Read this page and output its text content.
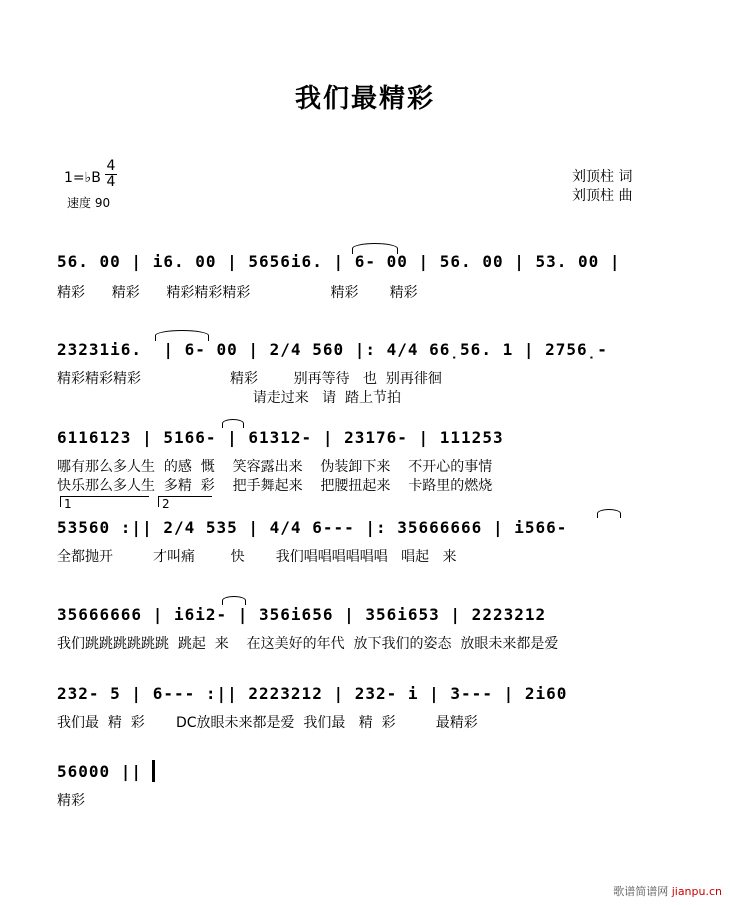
我们最精彩
1=♭B
4
4
速度 90
刘顶柱 词
刘顶柱 曲
56. 00 | i6. 00 | 5656i6. | 6- 00 | 56. 00 | 53. 00 |
精彩      精彩      精彩精彩精彩                  精彩       精彩
23231i6.  | 6- 00 | 2/4 560 |: 4/4 66̣56. 1 | 2756̣-
精彩精彩精彩                    精彩        别再等待   也  别再徘徊
请走过来   请  踏上节拍
6116123 | 5166- | 61312- | 23176- | 111253
哪有那么多人生  的感  慨    笑容露出来    伪装卸下来    不开心的事情
快乐那么多人生  多精  彩    把手舞起来    把腰扭起来    卡路里的燃烧
1	2
53560 :|| 2/4 535 | 4/4 6--- |: 35666666 | i566-
全都抛开         才叫痛        快       我们唱唱唱唱唱唱   唱起   来
35666666 | i6i2- | 356i656 | 356i653 | 2223212
我们跳跳跳跳跳跳  跳起  来    在这美好的年代  放下我们的姿态  放眼未来都是爱
232- 5 | 6--- :|| 2223212 | 232- i | 3--- | 2i60
我们最  精  彩       DC放眼未来都是爱  我们最   精  彩         最精彩
56000 ||
精彩
歌谱简谱网 jianpu.cn
